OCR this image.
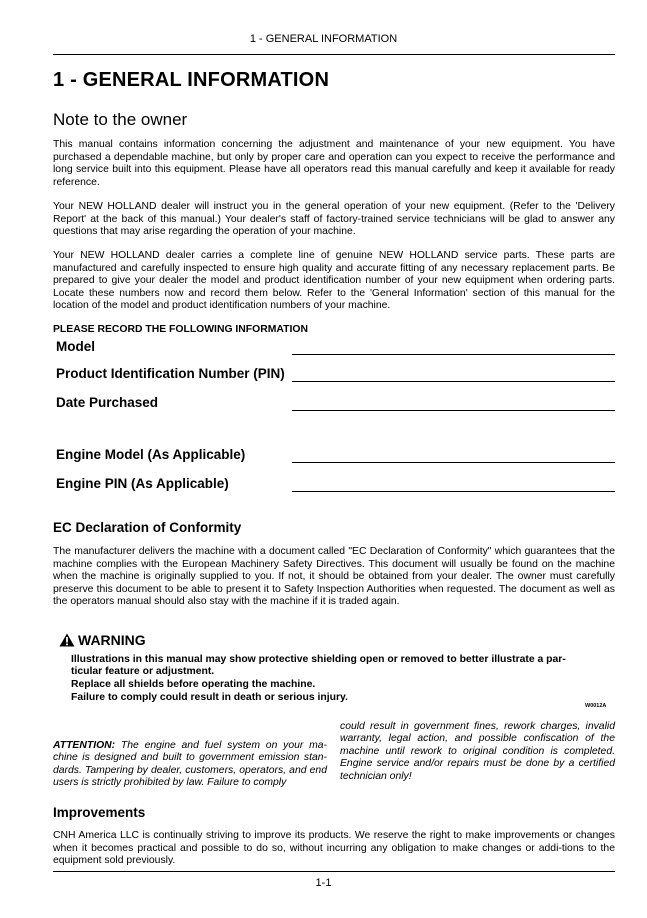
1 - GENERAL INFORMATION
1 - GENERAL INFORMATION
Note to the owner
This manual contains information concerning the adjustment and maintenance of your new equipment. You have purchased a dependable machine, but only by proper care and operation can you expect to receive the performance and long service built into this equipment. Please have all operators read this manual carefully and keep it available for ready reference.
Your NEW HOLLAND dealer will instruct you in the general operation of your new equipment. (Refer to the 'Delivery Report' at the back of this manual.) Your dealer's staff of factory-trained service technicians will be glad to answer any questions that may arise regarding the operation of your machine.
Your NEW HOLLAND dealer carries a complete line of genuine NEW HOLLAND service parts. These parts are manufactured and carefully inspected to ensure high quality and accurate fitting of any necessary replacement parts. Be prepared to give your dealer the model and product identification number of your new equipment when ordering parts. Locate these numbers now and record them below. Refer to the 'General Information' section of this manual for the location of the model and product identification numbers of your machine.
PLEASE RECORD THE FOLLOWING INFORMATION
Model
Product Identification Number (PIN)
Date Purchased
Engine Model (As Applicable)
Engine PIN (As Applicable)
EC Declaration of Conformity
The manufacturer delivers the machine with a document called "EC Declaration of Conformity" which guarantees that the machine complies with the European Machinery Safety Directives. This document will usually be found on the machine when the machine is originally supplied to you. If not, it should be obtained from your dealer. The owner must carefully preserve this document to be able to present it to Safety Inspection Authorities when requested. The document as well as the operators manual should also stay with the machine if it is traded again.
WARNING
Illustrations in this manual may show protective shielding open or removed to better illustrate a par-
ticular feature or adjustment.
Replace all shields before operating the machine.
Failure to comply could result in death or serious injury.
W0012A
ATTENTION: The engine and fuel system on your ma-chine is designed and built to government emission stan-dards. Tampering by dealer, customers, operators, and end users is strictly prohibited by law. Failure to comply
could result in government fines, rework charges, invalid warranty, legal action, and possible confiscation of the machine until rework to original condition is completed. Engine service and/or repairs must be done by a certified technician only!
Improvements
CNH America LLC is continually striving to improve its products. We reserve the right to make improvements or changes when it becomes practical and possible to do so, without incurring any obligation to make changes or addi-tions to the equipment sold previously.
1-1
